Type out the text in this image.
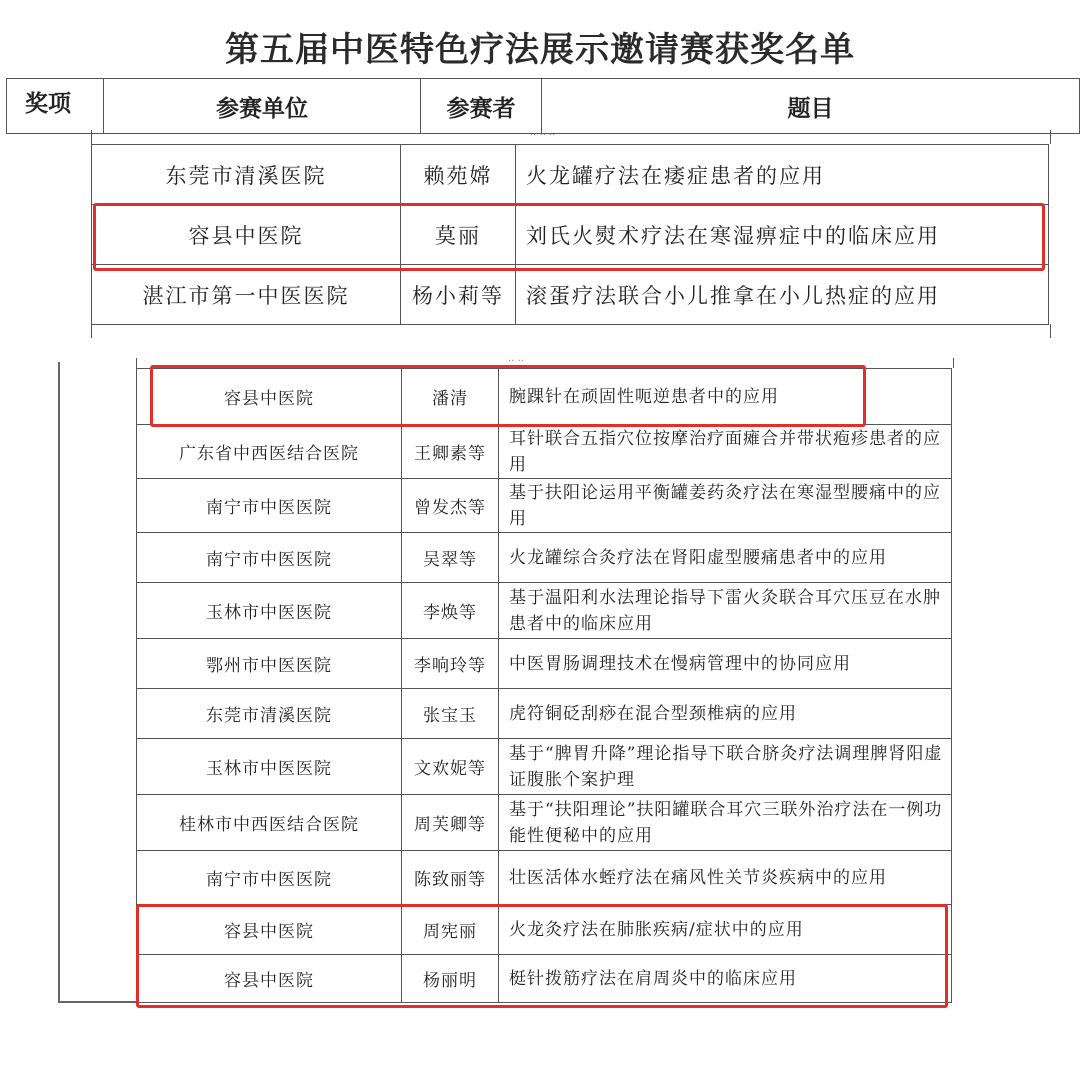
第五届中医特色疗法展示邀请赛获奖名单
奖项	参赛单位	参赛者	题目
·· ·· ··
东莞市清溪医院	赖苑嫦	火龙罐疗法在痿症患者的应用
容县中医院	莫丽	刘氏火熨术疗法在寒湿痹症中的临床应用
湛江市第一中医医院	杨小莉等	滚蛋疗法联合小儿推拿在小儿热症的应用
·· ··
容县中医院	潘清	腕踝针在顽固性呃逆患者中的应用
广东省中西医结合医院	王卿素等	耳针联合五指穴位按摩治疗面瘫合并带状疱疹患者的应用
南宁市中医医院	曾发杰等	基于扶阳论运用平衡罐姜药灸疗法在寒湿型腰痛中的应用
南宁市中医医院	吴翠等	火龙罐综合灸疗法在肾阳虚型腰痛患者中的应用
玉林市中医医院	李焕等	基于温阳利水法理论指导下雷火灸联合耳穴压豆在水肿患者中的临床应用
鄂州市中医医院	李响玲等	中医胃肠调理技术在慢病管理中的协同应用
东莞市清溪医院	张宝玉	虎符铜砭刮痧在混合型颈椎病的应用
玉林市中医医院	文欢妮等	基于“脾胃升降”理论指导下联合脐灸疗法调理脾肾阳虚证腹胀个案护理
桂林市中西医结合医院	周芙卿等	基于“扶阳理论”扶阳罐联合耳穴三联外治疗法在一例功能性便秘中的应用
南宁市中医医院	陈致丽等	壮医活体水蛭疗法在痛风性关节炎疾病中的应用
容县中医院	周宪丽	火龙灸疗法在肺胀疾病/症状中的应用
容县中医院	杨丽明	梃针拨筋疗法在肩周炎中的临床应用
